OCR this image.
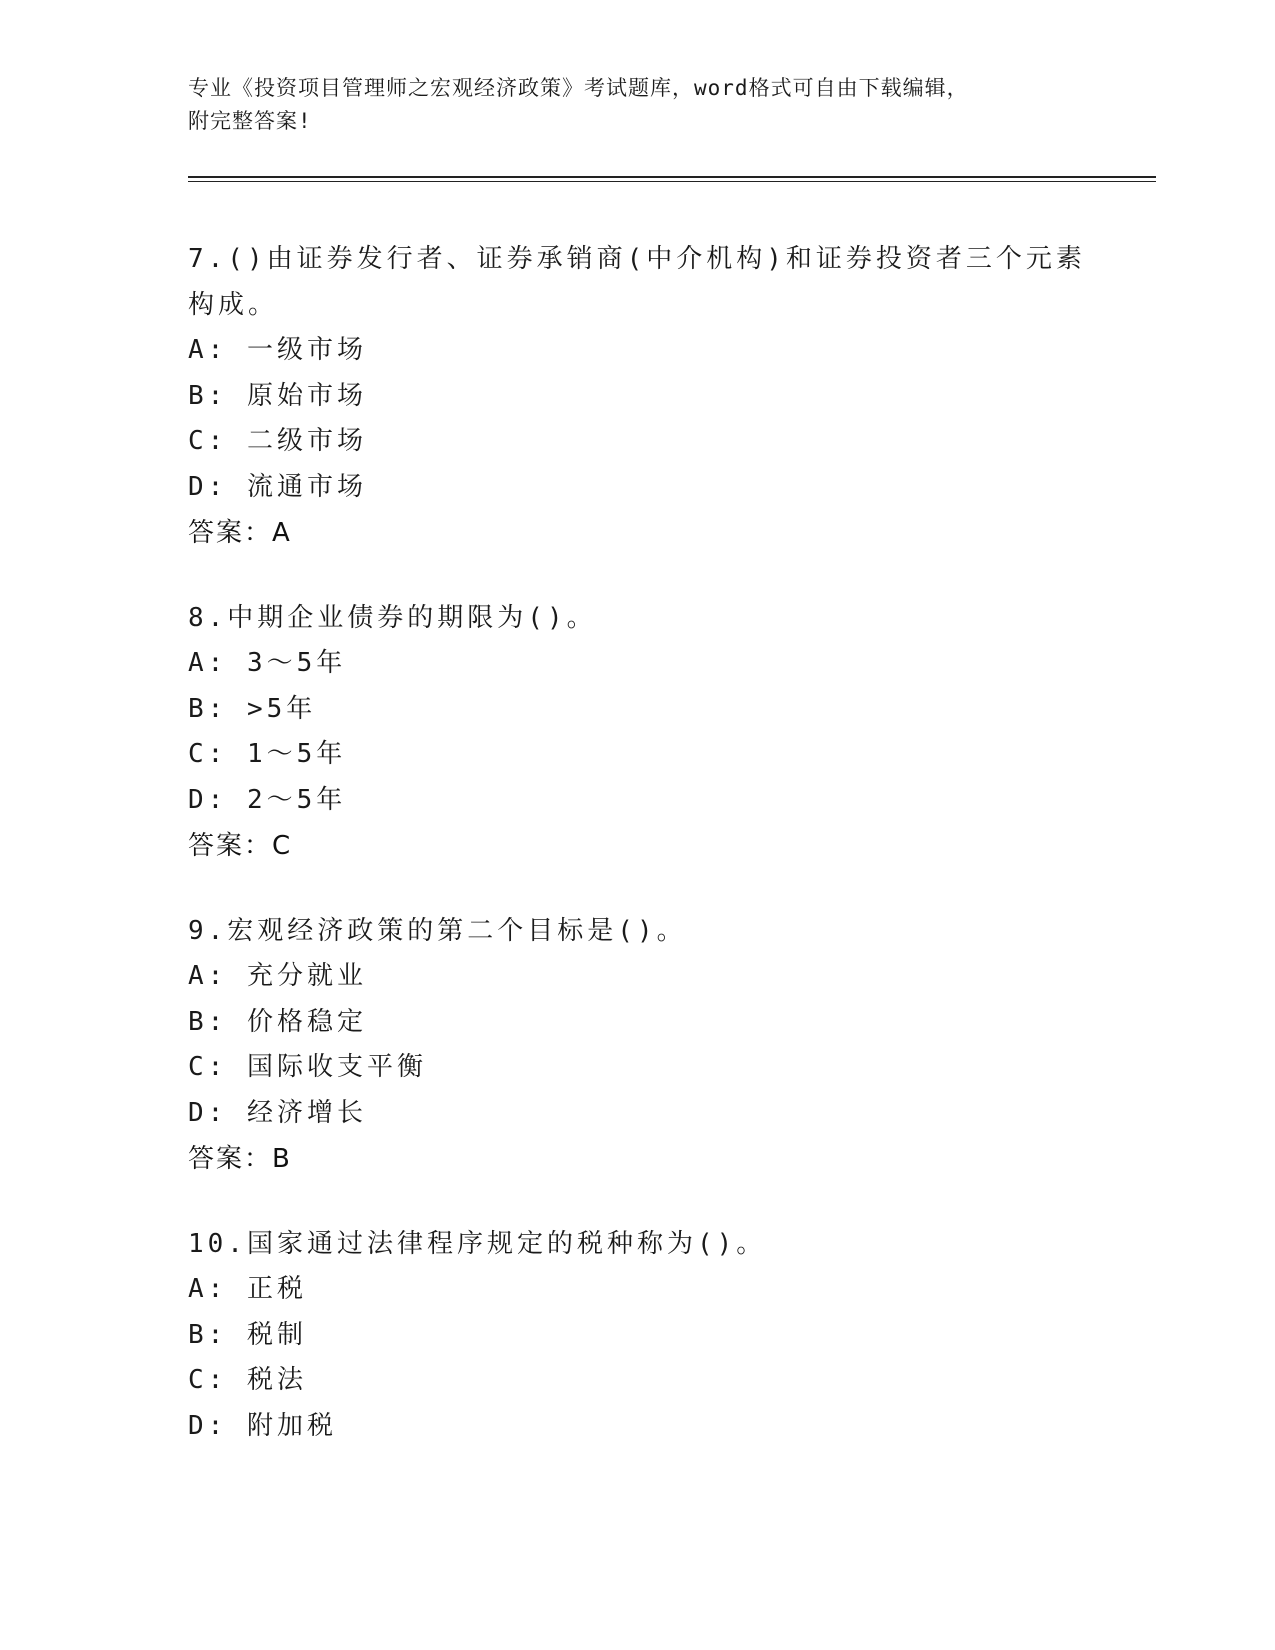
专业《投资项目管理师之宏观经济政策》考试题库，word格式可自由下载编辑，
附完整答案!

7.()由证券发行者、证券承销商(中介机构)和证券投资者三个元素构成。

A: 一级市场
B: 原始市场
C: 二级市场
D: 流通市场
答案：A

8.中期企业债券的期限为()。

A: 3～5年
B: >5年
C: 1～5年
D: 2～5年
答案：C

9.宏观经济政策的第二个目标是()。

A: 充分就业
B: 价格稳定
C: 国际收支平衡
D: 经济增长
答案：B

10.国家通过法律程序规定的税种称为()。

A: 正税
B: 税制
C: 税法
D: 附加税
